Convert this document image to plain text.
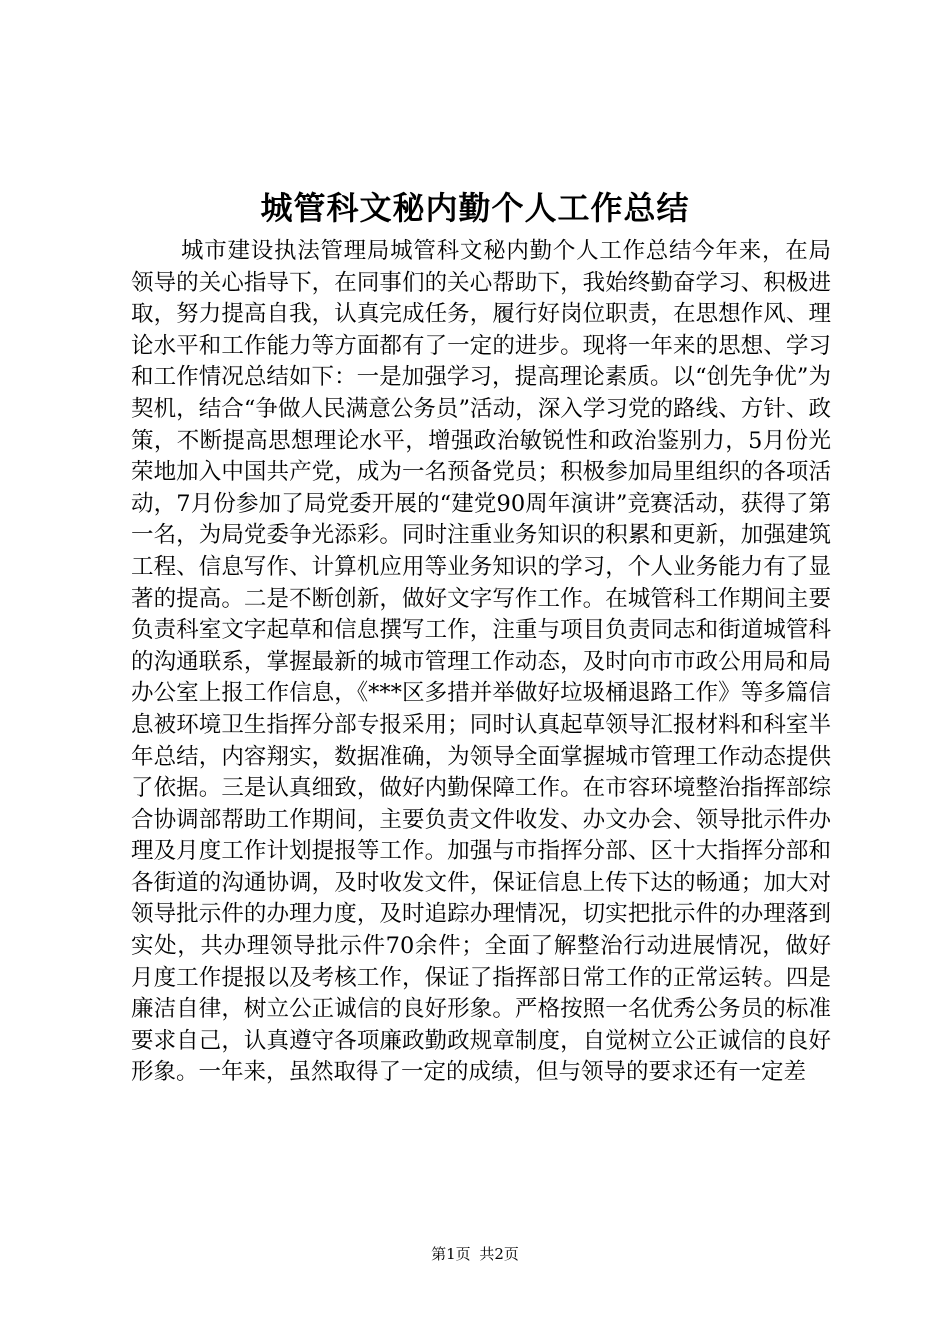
城管科文秘内勤个人工作总结

城市建设执法管理局城管科文秘内勤个人工作总结今年来，在局领导的关心指导下，在同事们的关心帮助下，我始终勤奋学习、积极进取，努力提高自我，认真完成任务，履行好岗位职责，在思想作风、理论水平和工作能力等方面都有了一定的进步。现将一年来的思想、学习和工作情况总结如下：一是加强学习，提高理论素质。以“创先争优”为契机，结合“争做人民满意公务员”活动，深入学习党的路线、方针、政策，不断提高思想理论水平，增强政治敏锐性和政治鉴别力，5月份光荣地加入中国共产党，成为一名预备党员；积极参加局里组织的各项活动，7月份参加了局党委开展的“建党90周年演讲”竞赛活动，获得了第一名，为局党委争光添彩。同时注重业务知识的积累和更新，加强建筑工程、信息写作、计算机应用等业务知识的学习，个人业务能力有了显著的提高。二是不断创新，做好文字写作工作。在城管科工作期间主要负责科室文字起草和信息撰写工作，注重与项目负责同志和街道城管科的沟通联系，掌握最新的城市管理工作动态，及时向市市政公用局和局办公室上报工作信息，《***区多措并举做好垃圾桶退路工作》等多篇信息被环境卫生指挥分部专报采用；同时认真起草领导汇报材料和科室半年总结，内容翔实，数据准确，为领导全面掌握城市管理工作动态提供了依据。三是认真细致，做好内勤保障工作。在市容环境整治指挥部综合协调部帮助工作期间，主要负责文件收发、办文办会、领导批示件办理及月度工作计划提报等工作。加强与市指挥分部、区十大指挥分部和各街道的沟通协调，及时收发文件，保证信息上传下达的畅通；加大对领导批示件的办理力度，及时追踪办理情况，切实把批示件的办理落到实处，共办理领导批示件70余件；全面了解整治行动进展情况，做好月度工作提报以及考核工作，保证了指挥部日常工作的正常运转。四是廉洁自律，树立公正诚信的良好形象。严格按照一名优秀公务员的标准要求自己，认真遵守各项廉政勤政规章制度，自觉树立公正诚信的良好形象。一年来，虽然取得了一定的成绩，但与领导的要求还有一定差

第1页 共2页
